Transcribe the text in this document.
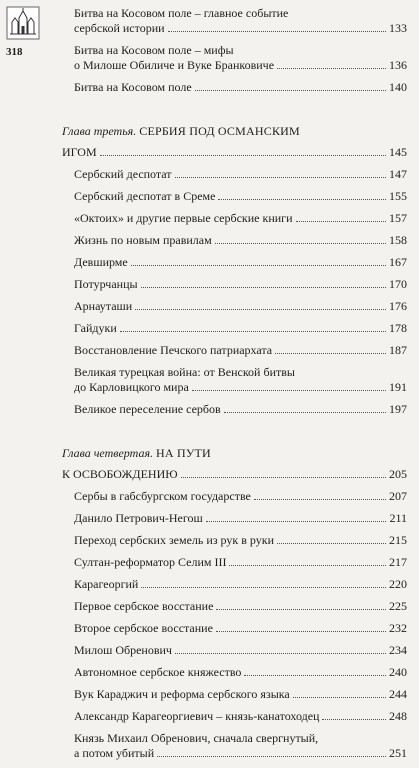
318
Битва на Косовом поле – главное событие
сербской истории	133
Битва на Косовом поле – мифы
о Милоше Обиличе и Вуке Бранковиче	136
Битва на Косовом поле	140
Глава третья. СЕРБИЯ ПОД ОСМАНСКИМ
ИГОМ	145
Сербский деспотат	147
Сербский деспотат в Среме	155
«Октоих» и другие первые сербские книги	157
Жизнь по новым правилам	158
Девширме	167
Потурчанцы	170
Арнауташи	176
Гайдуки	178
Восстановление Печского патриархата	187
Великая турецкая война: от Венской битвы
до Карловицкого мира	191
Великое переселение сербов	197
Глава четвертая. НА ПУТИ
К ОСВОБОЖДЕНИЮ	205
Сербы в габсбургском государстве	207
Данило Петрович-Негош	211
Переход сербских земель из рук в руки	215
Султан-реформатор Селим III	217
Карагеоргий	220
Первое сербское восстание	225
Второе сербское восстание	232
Милош Обренович	234
Автономное сербское княжество	240
Вук Караджич и реформа сербского языка	244
Александр Карагеоргиевич – князь-канатоходец	248
Князь Михаил Обренович, сначала свергнутый,
а потом убитый	251
